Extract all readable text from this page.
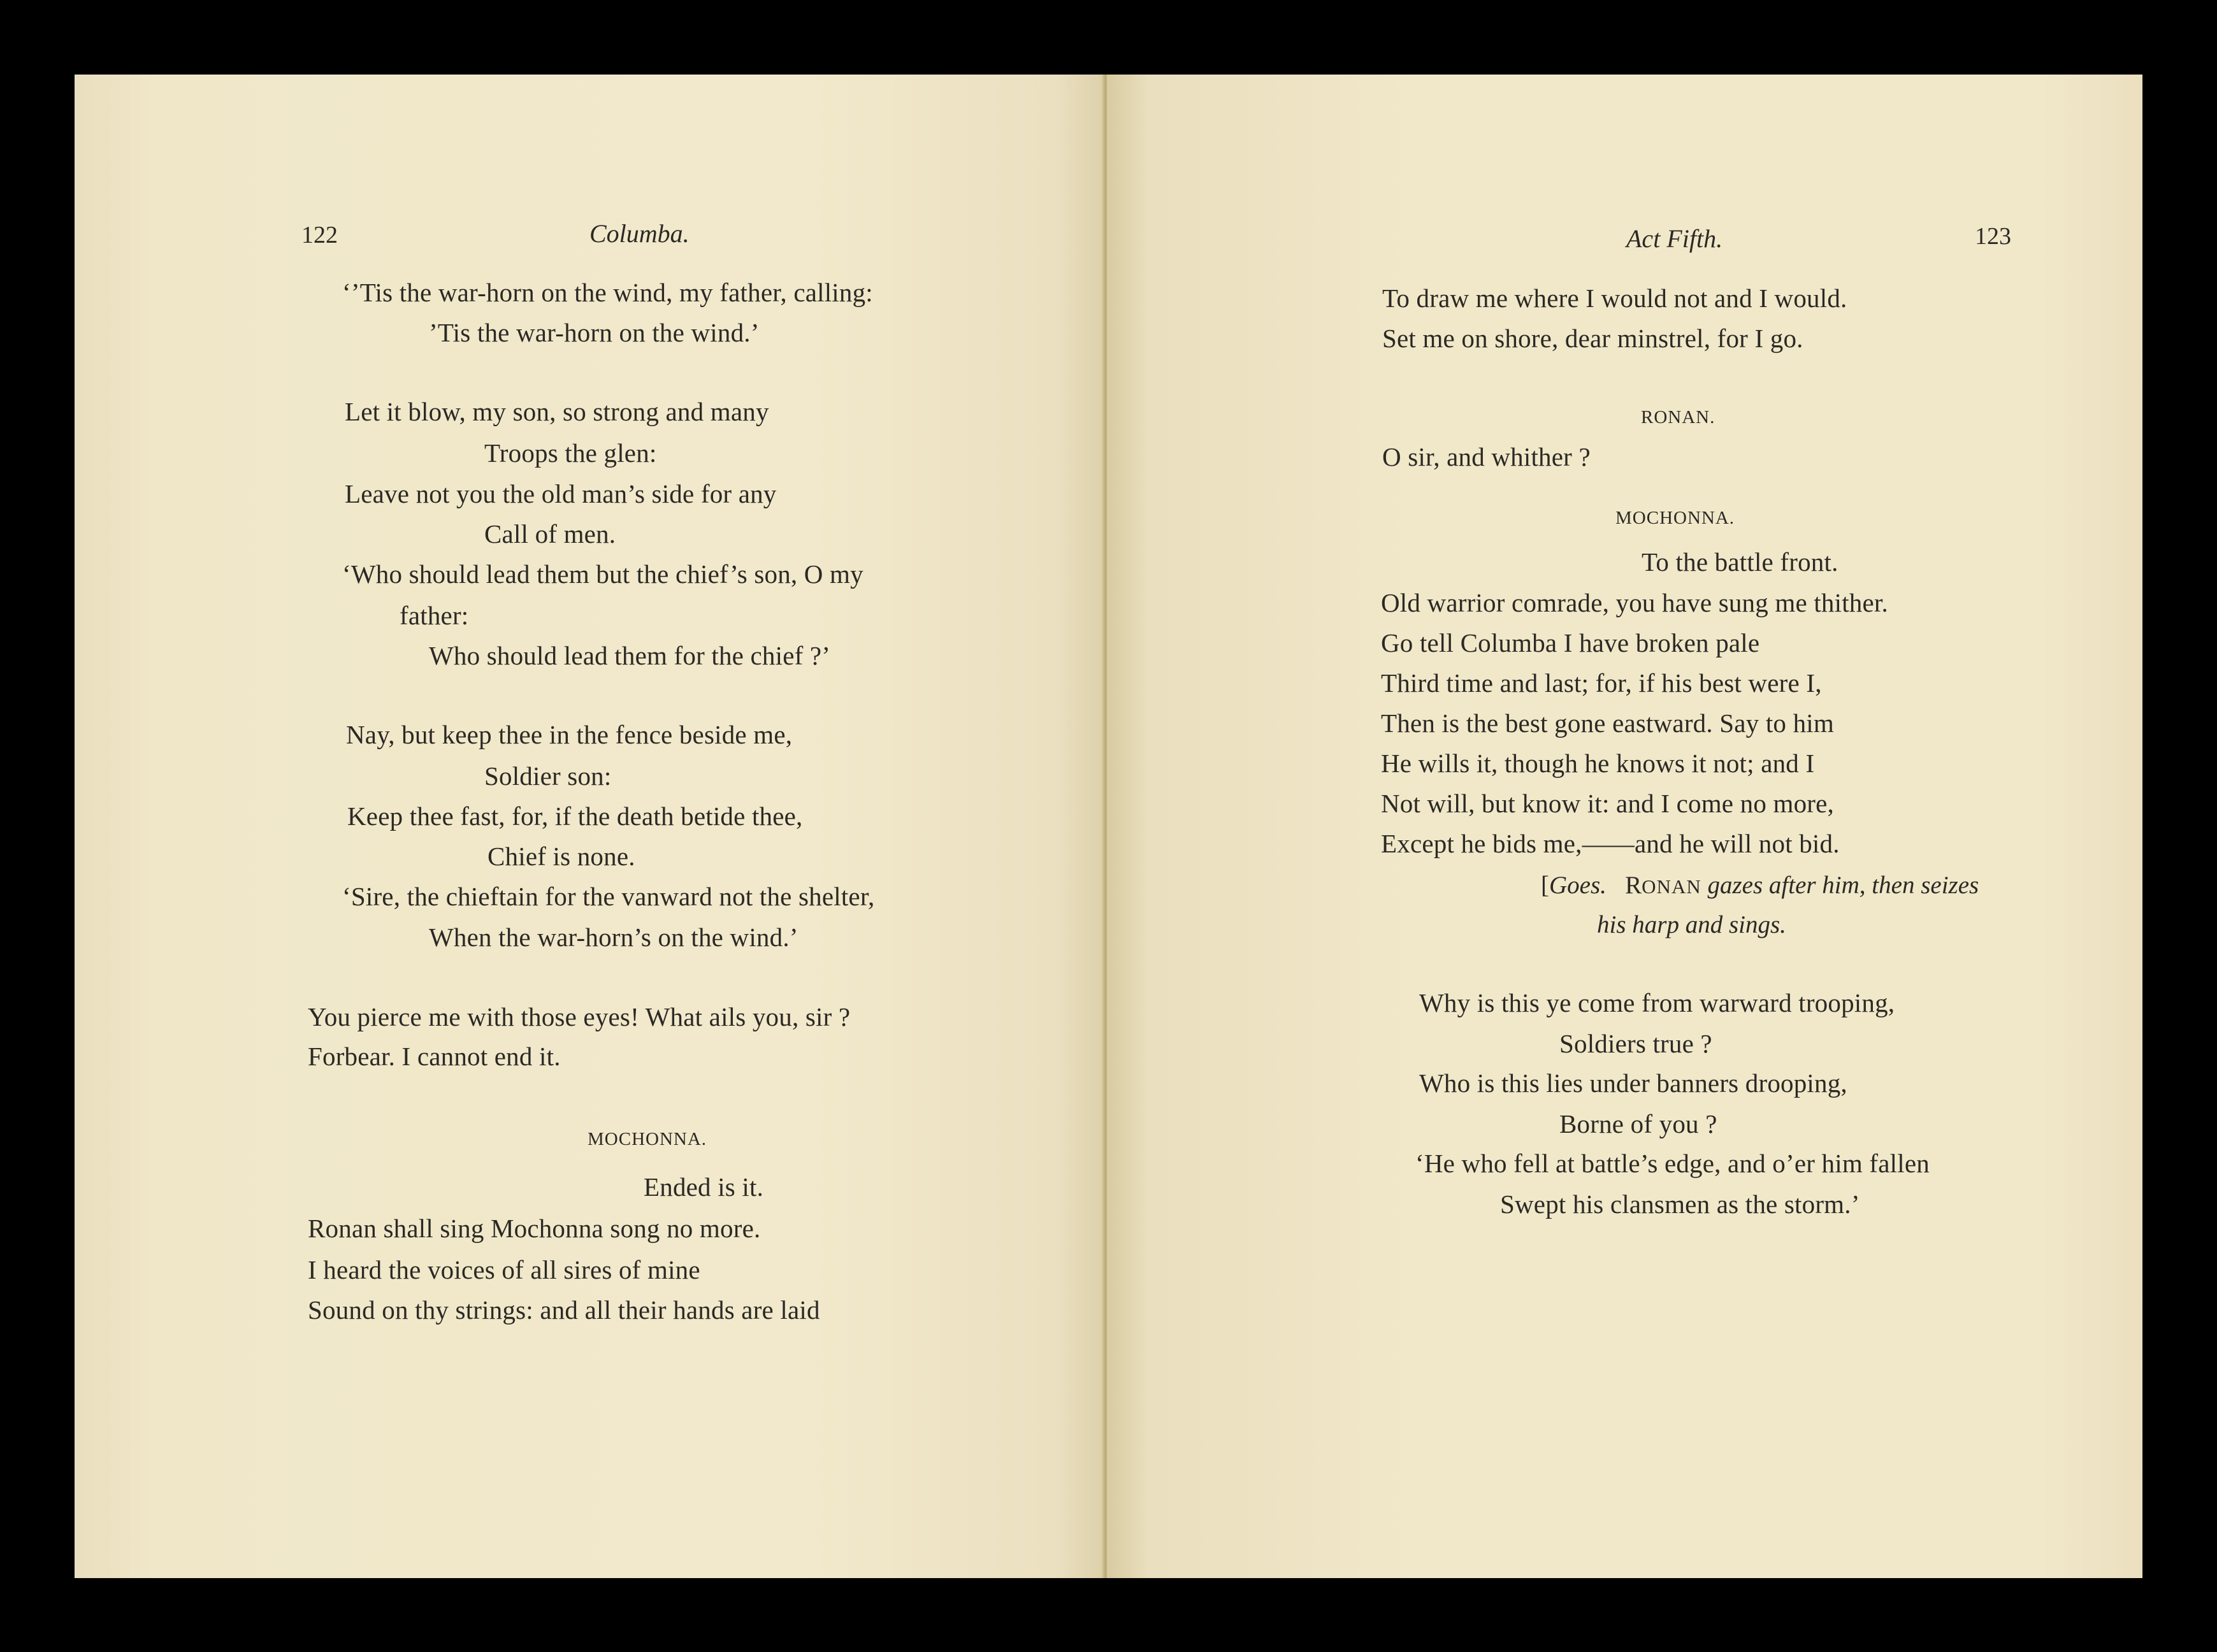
122	Columba.
‘’Tis the war-horn on the wind, my father, calling:
’Tis the war-horn on the wind.’
Let it blow, my son, so strong and many
Troops the glen:
Leave not you the old man’s side for any
Call of men.
‘Who should lead them but the chief’s son, O my
father:
Who should lead them for the chief ?’
Nay, but keep thee in the fence beside me,
Soldier son:
Keep thee fast, for, if the death betide thee,
Chief is none.
‘Sire, the chieftain for the vanward not the shelter,
When the war-horn’s on the wind.’
You pierce me with those eyes! What ails you, sir ?
Forbear. I cannot end it.
MOCHONNA.
Ended is it.
Ronan shall sing Mochonna song no more.
I heard the voices of all sires of mine
Sound on thy strings: and all their hands are laid
Act Fifth.	123
To draw me where I would not and I would.
Set me on shore, dear minstrel, for I go.
RONAN.
O sir, and whither ?
MOCHONNA.
To the battle front.
Old warrior comrade, you have sung me thither.
Go tell Columba I have broken pale
Third time and last; for, if his best were I,
Then is the best gone eastward. Say to him
He wills it, though he knows it not; and I
Not will, but know it: and I come no more,
Except he bids me,——and he will not bid.
[Goes. RONAN gazes after him, then seizes
his harp and sings.
Why is this ye come from warward trooping,
Soldiers true ?
Who is this lies under banners drooping,
Borne of you ?
‘He who fell at battle’s edge, and o’er him fallen
Swept his clansmen as the storm.’
